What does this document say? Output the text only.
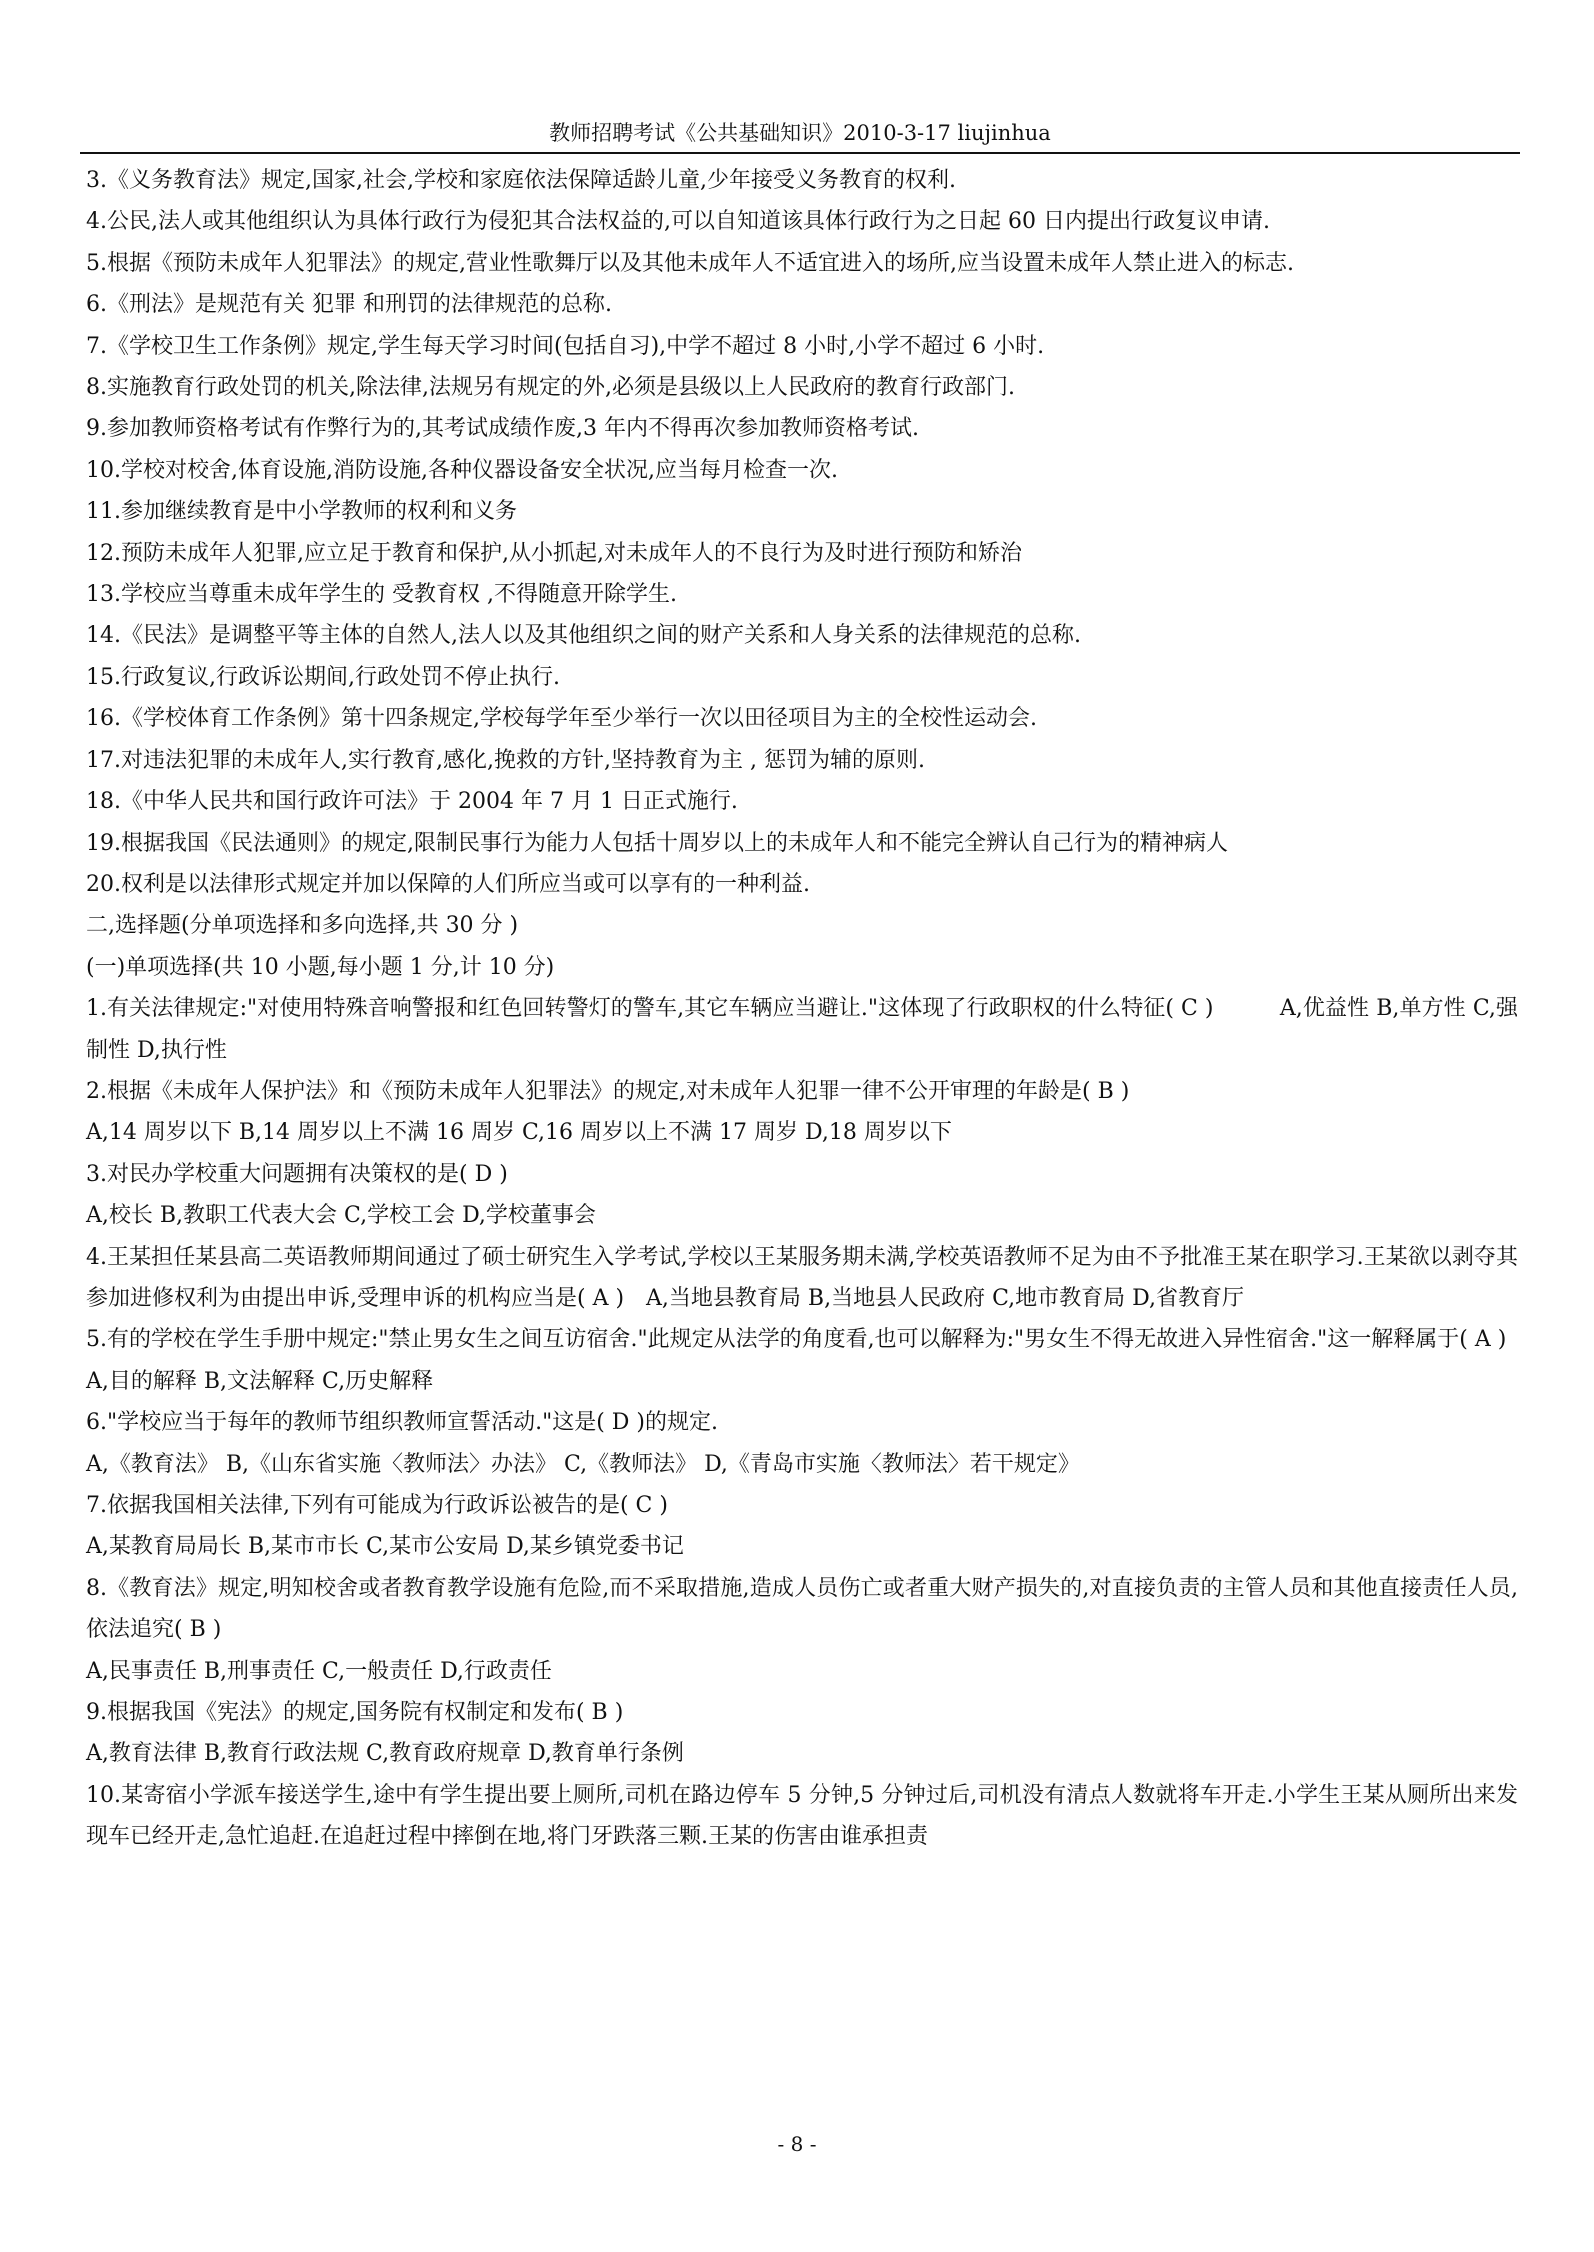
教师招聘考试《公共基础知识》2010-3-17 liujinhua

3.《义务教育法》规定,国家,社会,学校和家庭依法保障适龄儿童,少年接受义务教育的权利.

4.公民,法人或其他组织认为具体行政行为侵犯其合法权益的,可以自知道该具体行政行为之日起 60 日内提出行政复议申请.

5.根据《预防未成年人犯罪法》的规定,营业性歌舞厅以及其他未成年人不适宜进入的场所,应当设置未成年人禁止进入的标志.

6.《刑法》是规范有关 犯罪 和刑罚的法律规范的总称.

7.《学校卫生工作条例》规定,学生每天学习时间(包括自习),中学不超过 8 小时,小学不超过 6 小时.

8.实施教育行政处罚的机关,除法律,法规另有规定的外,必须是县级以上人民政府的教育行政部门.

9.参加教师资格考试有作弊行为的,其考试成绩作废,3 年内不得再次参加教师资格考试.

10.学校对校舍,体育设施,消防设施,各种仪器设备安全状况,应当每月检查一次.

11.参加继续教育是中小学教师的权利和义务

12.预防未成年人犯罪,应立足于教育和保护,从小抓起,对未成年人的不良行为及时进行预防和矫治

13.学校应当尊重未成年学生的 受教育权 ,不得随意开除学生.

14.《民法》是调整平等主体的自然人,法人以及其他组织之间的财产关系和人身关系的法律规范的总称.

15.行政复议,行政诉讼期间,行政处罚不停止执行.

16.《学校体育工作条例》第十四条规定,学校每学年至少举行一次以田径项目为主的全校性运动会.

17.对违法犯罪的未成年人,实行教育,感化,挽救的方针,坚持教育为主 , 惩罚为辅的原则.

18.《中华人民共和国行政许可法》于 2004 年 7 月 1 日正式施行.

19.根据我国《民法通则》的规定,限制民事行为能力人包括十周岁以上的未成年人和不能完全辨认自己行为的精神病人

20.权利是以法律形式规定并加以保障的人们所应当或可以享有的一种利益.

二,选择题(分单项选择和多向选择,共 30 分 )

(一)单项选择(共 10 小题,每小题 1 分,计 10 分)

1.有关法律规定:"对使用特殊音响警报和红色回转警灯的警车,其它车辆应当避让."这体现了行政职权的什么特征( C )　　　A,优益性 B,单方性 C,强制性 D,执行性

2.根据《未成年人保护法》和《预防未成年人犯罪法》的规定,对未成年人犯罪一律不公开审理的年龄是( B )

A,14 周岁以下 B,14 周岁以上不满 16 周岁 C,16 周岁以上不满 17 周岁 D,18 周岁以下

3.对民办学校重大问题拥有决策权的是( D )

A,校长 B,教职工代表大会 C,学校工会 D,学校董事会

4.王某担任某县高二英语教师期间通过了硕士研究生入学考试,学校以王某服务期未满,学校英语教师不足为由不予批准王某在职学习.王某欲以剥夺其参加进修权利为由提出申诉,受理申诉的机构应当是( A )　A,当地县教育局 B,当地县人民政府 C,地市教育局 D,省教育厅

5.有的学校在学生手册中规定:"禁止男女生之间互访宿舍."此规定从法学的角度看,也可以解释为:"男女生不得无故进入异性宿舍."这一解释属于( A )

A,目的解释 B,文法解释 C,历史解释

6."学校应当于每年的教师节组织教师宣誓活动."这是( D )的规定.

A,《教育法》 B,《山东省实施〈教师法〉办法》 C,《教师法》 D,《青岛市实施〈教师法〉若干规定》

7.依据我国相关法律,下列有可能成为行政诉讼被告的是( C )

A,某教育局局长 B,某市市长 C,某市公安局 D,某乡镇党委书记

8.《教育法》规定,明知校舍或者教育教学设施有危险,而不采取措施,造成人员伤亡或者重大财产损失的,对直接负责的主管人员和其他直接责任人员,依法追究( B )

A,民事责任 B,刑事责任 C,一般责任 D,行政责任

9.根据我国《宪法》的规定,国务院有权制定和发布( B )

A,教育法律 B,教育行政法规 C,教育政府规章 D,教育单行条例

10.某寄宿小学派车接送学生,途中有学生提出要上厕所,司机在路边停车 5 分钟,5 分钟过后,司机没有清点人数就将车开走.小学生王某从厕所出来发现车已经开走,急忙追赶.在追赶过程中摔倒在地,将门牙跌落三颗.王某的伤害由谁承担责

- 8 -
